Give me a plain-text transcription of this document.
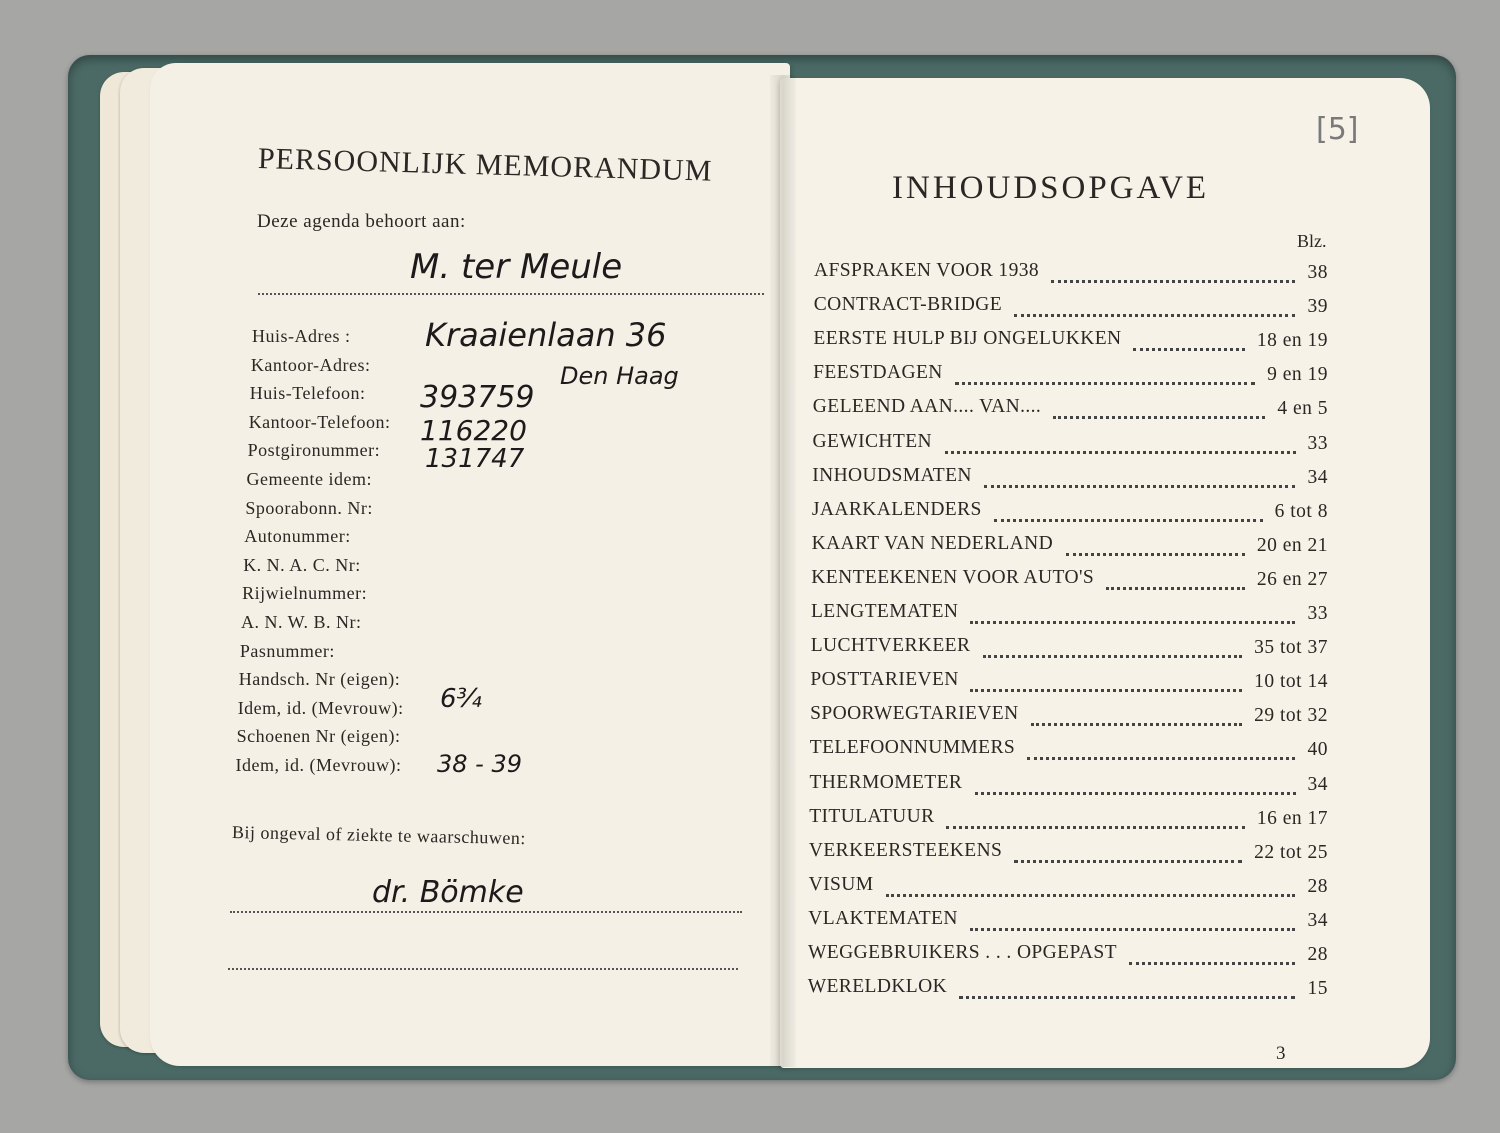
PERSOONLIJK MEMORANDUM
Deze agenda behoort aan:
M. ter Meule
Huis-Adres : Kraaienlaan 36
Kantoor-Adres:	Den Haag
Huis-Telefoon: 393759
Kantoor-Telefoon: 116220
Postgironummer: 131747
Gemeente idem:
Spoorabonn. Nr:
Autonummer:
K. N. A. C. Nr:
Rijwielnummer:
A. N. W. B. Nr:
Pasnummer:
Handsch. Nr (eigen):
Idem, id. (Mevrouw): 6¾
Schoenen Nr (eigen):
Idem, id. (Mevrouw): 38 - 39
Bij ongeval of ziekte te waarschuwen:
dr. Bömke
INHOUDSOPGAVE
Blz.
AFSPRAKEN VOOR 1938	38
CONTRACT-BRIDGE	39
EERSTE HULP BIJ ONGELUKKEN	18 en 19
FEESTDAGEN	9 en 19
GELEEND AAN.... VAN....	4 en 5
GEWICHTEN	33
INHOUDSMATEN	34
JAARKALENDERS	6 tot 8
KAART VAN NEDERLAND	20 en 21
KENTEEKENEN VOOR AUTO'S	26 en 27
LENGTEMATEN	33
LUCHTVERKEER	35 tot 37
POSTTARIEVEN	10 tot 14
SPOORWEGTARIEVEN	29 tot 32
TELEFOONNUMMERS	40
THERMOMETER	34
TITULATUUR	16 en 17
VERKEERSTEEKENS	22 tot 25
VISUM	28
VLAKTEMATEN	34
WEGGEBRUIKERS . . . OPGEPAST	28
WERELDKLOK	15
3
[5]
